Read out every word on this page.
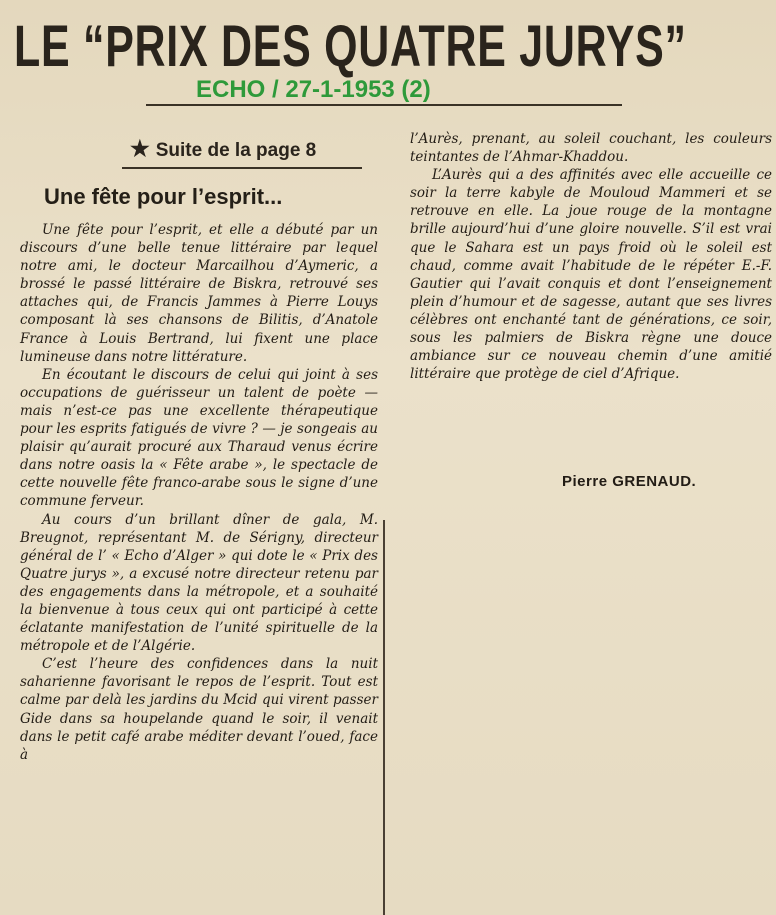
LE “PRIX DES QUATRE JURYS”
ECHO / 27-1-1953 (2)
★ Suite de la page 8
Une fête pour l’esprit...

Une fête pour l’esprit, et elle a débuté par un discours d’une belle tenue littéraire par lequel notre ami, le docteur Marcailhou d’Aymeric, a brossé le passé littéraire de Biskra, retrouvé ses attaches qui, de Francis Jammes à Pierre Louys composant là ses chansons de Bilitis, d’Anatole France à Louis Bertrand, lui fixent une place lumineuse dans notre littérature.

En écoutant le discours de celui qui joint à ses occupations de guérisseur un talent de poète — mais n’est-ce pas une excellente thérapeutique pour les esprits fatigués de vivre ? — je songeais au plaisir qu’aurait procuré aux Tharaud venus écrire dans notre oasis la « Fête arabe », le spectacle de cette nouvelle fête franco-arabe sous le signe d’une commune ferveur.

Au cours d’un brillant dîner de gala, M. Breugnot, représentant M. de Sérigny, directeur général de l’ « Echo d’Alger » qui dote le « Prix des Quatre jurys », a excusé notre directeur retenu par des engagements dans la métropole, et a souhaité la bienvenue à tous ceux qui ont participé à cette éclatante manifestation de l’unité spirituelle de la métropole et de l’Algérie.

C’est l’heure des confidences dans la nuit saharienne favorisant le repos de l’esprit. Tout est calme par delà les jardins du Mcid qui virent passer Gide dans sa houpelande quand le soir, il venait dans le petit café arabe méditer devant l’oued, face à

l’Aurès, prenant, au soleil couchant, les couleurs teintantes de l’Ahmar-Khaddou.

L’Aurès qui a des affinités avec elle accueille ce soir la terre kabyle de Mouloud Mammeri et se retrouve en elle. La joue rouge de la montagne brille aujourd’hui d’une gloire nouvelle. S’il est vrai que le Sahara est un pays froid où le soleil est chaud, comme avait l’habitude de le répéter E.-F. Gautier qui l’avait conquis et dont l’enseignement plein d’humour et de sagesse, autant que ses livres célèbres ont enchanté tant de générations, ce soir, sous les palmiers de Biskra règne une douce ambiance sur ce nouveau chemin d’une amitié littéraire que protège de ciel d’Afrique.

Pierre GRENAUD.
